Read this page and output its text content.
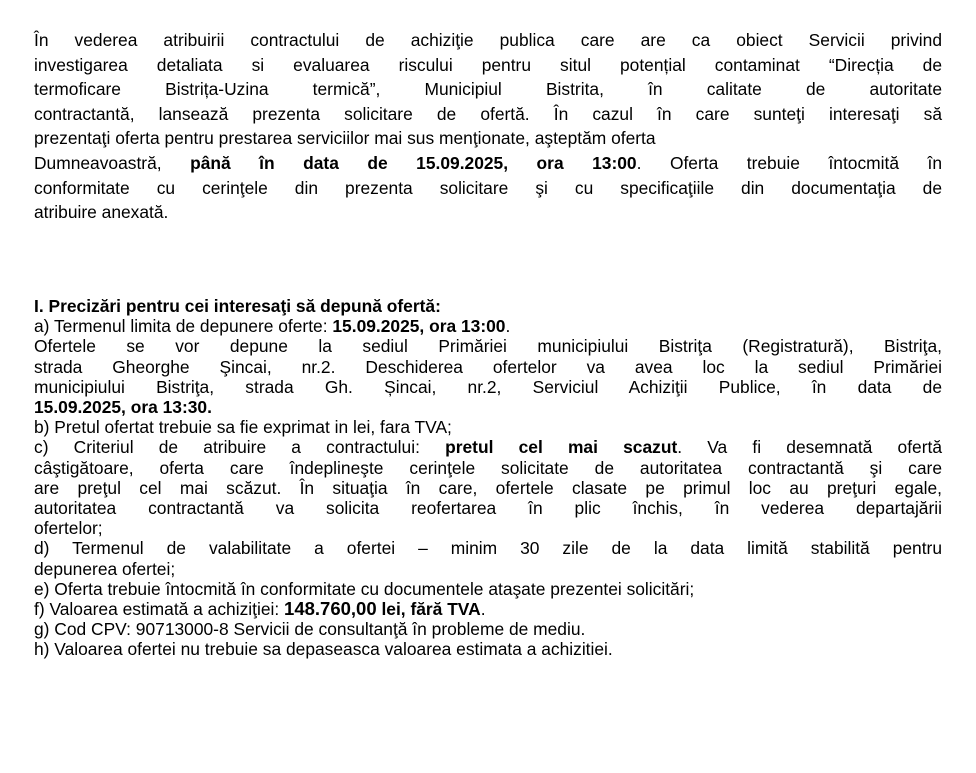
În vederea atribuirii contractului de achiziţie publica care are ca obiect Servicii privind
investigarea detaliata si evaluarea riscului pentru situl potențial contaminat “Direcția de
termoficare Bistrița-Uzina termică”, Municipiul Bistrita, în calitate de autoritate
contractantă, lansează prezenta solicitare de ofertă. În cazul în care sunteţi interesaţi să
prezentaţi oferta pentru prestarea serviciilor mai sus menţionate, aşteptăm oferta
Dumneavoastră, până în data de 15.09.2025, ora 13:00. Oferta trebuie întocmită în
conformitate cu cerinţele din prezenta solicitare şi cu specificaţiile din documentaţia de
atribuire anexată.
I. Precizări pentru cei interesaţi să depună ofertă:
a) Termenul limita de depunere oferte: 15.09.2025, ora 13:00.
Ofertele se vor depune la sediul Primăriei municipiului Bistriţa (Registratură), Bistriţa,
strada Gheorghe Şincai, nr.2. Deschiderea ofertelor va avea loc la sediul Primăriei
municipiului Bistriţa, strada Gh. Șincai, nr.2, Serviciul Achiziţii Publice, în data de
15.09.2025, ora 13:30.
b) Pretul ofertat trebuie sa fie exprimat in lei, fara TVA;
c) Criteriul de atribuire a contractului: pretul cel mai scazut. Va fi desemnată ofertă
câştigătoare, oferta care îndeplineşte cerinţele solicitate de autoritatea contractantă şi care
are preţul cel mai scăzut. În situaţia în care, ofertele clasate pe primul loc au preţuri egale,
autoritatea contractantă va solicita reofertarea în plic închis, în vederea departajării
ofertelor;
d) Termenul de valabilitate a ofertei – minim 30 zile de la data limită stabilită pentru
depunerea ofertei;
e) Oferta trebuie întocmită în conformitate cu documentele ataşate prezentei solicitări;
f) Valoarea estimată a achiziţiei: 148.760,00 lei, fără TVA.
g) Cod CPV: 90713000-8 Servicii de consultanţă în probleme de mediu.
h) Valoarea ofertei nu trebuie sa depaseasca valoarea estimata a achizitiei.
